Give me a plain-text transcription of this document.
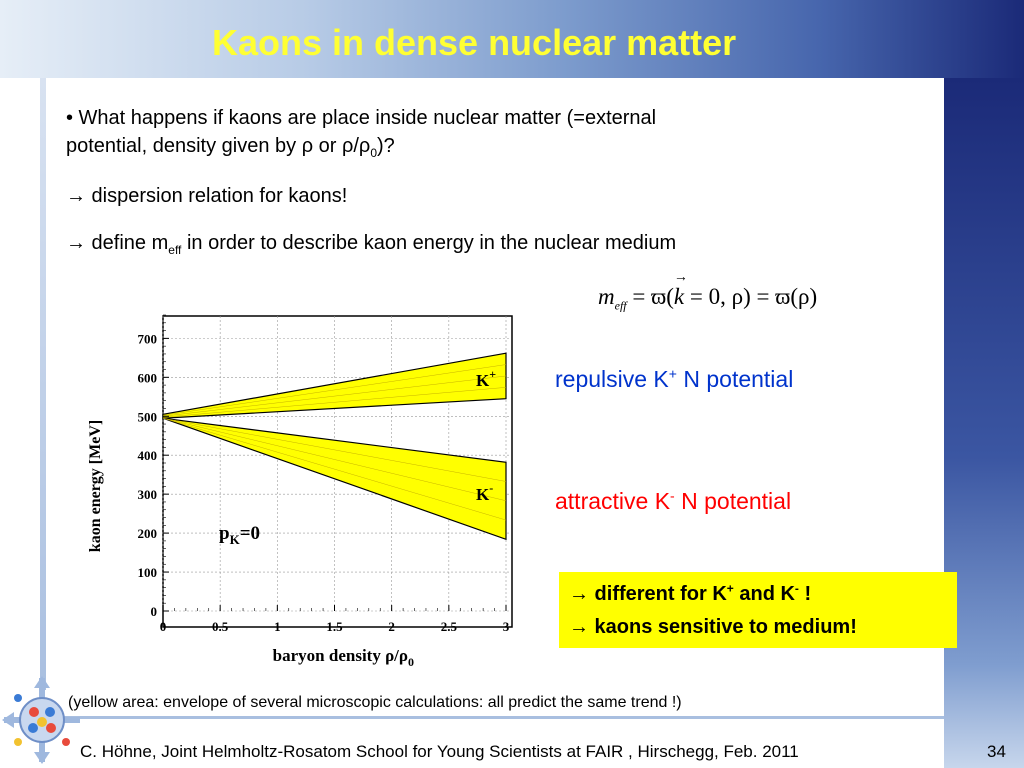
Kaons in dense nuclear matter
• What happens if kaons are place inside nuclear matter (=external
potential, density given by ρ or $\rho/\rho_0$)?
→ dispersion relation for kaons!
→ define $m_{eff}$ in order to describe kaon energy in the nuclear medium
$m_{eff} = ϖ(\to k = 0$, ρ) = ϖ(ρ)
0	0.5	1	1.5	2	2.5	3
0
100
200
300
400
500
600
700
kaon energy [MeV]
baryon density $\rho/\rho_0$
$p_K=0$
K+
K-
repulsive K+ N potential
attractive K- N potential
→ different for K+ and K- !
→ kaons sensitive to medium!
(yellow area: envelope of several microscopic calculations: all predict the same trend !)
C. Höhne, Joint Helmholtz-Rosatom School for Young Scientists at FAIR , Hirschegg, Feb. 2011	34
